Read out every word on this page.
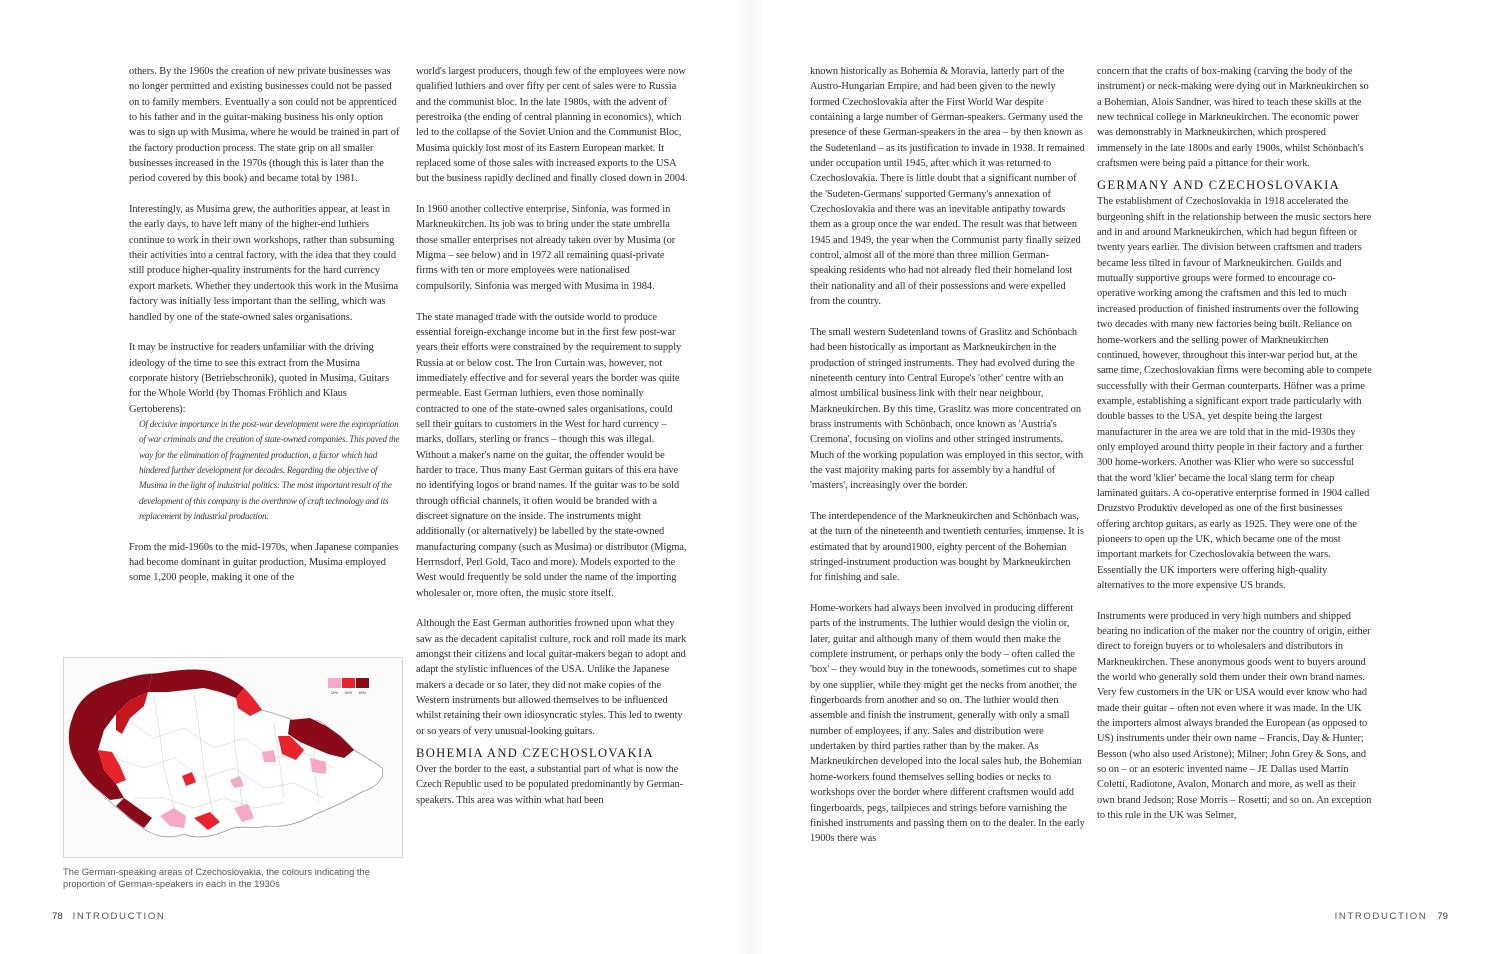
others. By the 1960s the creation of new private businesses was no longer permitted and existing businesses could not be passed on to family members. Eventually a son could not be apprenticed to his father and in the guitar-making business his only option was to sign up with Musima, where he would be trained in part of the factory production process. The state grip on all smaller businesses increased in the 1970s (though this is later than the period covered by this book) and became total by 1981.

Interestingly, as Musima grew, the authorities appear, at least in the early days, to have left many of the higher-end luthiers continue to work in their own workshops, rather than subsuming their activities into a central factory, with the idea that they could still produce higher-quality instruments for the hard currency export markets. Whether they undertook this work in the Musima factory was initially less important than the selling, which was handled by one of the state-owned sales organisations.

It may be instructive for readers unfamiliar with the driving ideology of the time to see this extract from the Musima corporate history (Betriebschronik), quoted in Musima, Guitars for the Whole World (by Thomas Fröhlich and Klaus Gertoberens):

Of decisive importance in the post-war development were the expropriation of war criminals and the creation of state-owned companies. This paved the way for the elimination of fragmented production, a factor which had hindered further development for decades. Regarding the objective of Musima in the light of industrial politics: The most important result of the development of this company is the overthrow of craft technology and its replacement by industrial production.

From the mid-1960s to the mid-1970s, when Japanese companies had become dominant in guitar production, Musima employed some 1,200 people, making it one of the

world's largest producers, though few of the employees were now qualified luthiers and over fifty per cent of sales were to Russia and the communist bloc. In the late 1980s, with the advent of perestroika (the ending of central planning in economics), which led to the collapse of the Soviet Union and the Communist Bloc, Musima quickly lost most of its Eastern European market. It replaced some of those sales with increased exports to the USA but the business rapidly declined and finally closed down in 2004.

In 1960 another collective enterprise, Sinfonia, was formed in Markneukirchen. Its job was to bring under the state umbrella those smaller enterprises not already taken over by Musima (or Migma – see below) and in 1972 all remaining quasi-private firms with ten or more employees were nationalised compulsorily. Sinfonia was merged with Musima in 1984.

The state managed trade with the outside world to produce essential foreign-exchange income but in the first few post-war years their efforts were constrained by the requirement to supply Russia at or below cost. The Iron Curtain was, however, not immediately effective and for several years the border was quite permeable. East German luthiers, even those nominally contracted to one of the state-owned sales organisations, could sell their guitars to customers in the West for hard currency – marks, dollars, sterling or francs – though this was illegal. Without a maker's name on the guitar, the offender would be harder to trace. Thus many East German guitars of this era have no identifying logos or brand names. If the guitar was to be sold through official channels, it often would be branded with a discreet signature on the inside. The instruments might additionally (or alternatively) be labelled by the state-owned manufacturing company (such as Musima) or distributor (Migma, Herrnsdorf, Perl Gold, Taco and more). Models exported to the West would frequently be sold under the name of the importing wholesaler or, more often, the music store itself.

Although the East German authorities frowned upon what they saw as the decadent capitalist culture, rock and roll made its mark amongst their citizens and local guitar-makers began to adopt and adapt the stylistic influences of the USA. Unlike the Japanese makers a decade or so later, they did not make copies of the Western instruments but allowed themselves to be influenced whilst retaining their own idiosyncratic styles. This led to twenty or so years of very unusual-looking guitars.

BOHEMIA AND CZECHOSLOVAKIA

Over the border to the east, a substantial part of what is now the Czech Republic used to be populated predominantly by German-speakers. This area was within what had been

20% 50% 80%
The German-speaking areas of Czechoslovakia, the colours indicating the proportion of German-speakers in each in the 1930s
78 INTRODUCTION

known historically as Bohemia & Moravia, latterly part of the Austro-Hungarian Empire, and had been given to the newly formed Czechoslovakia after the First World War despite containing a large number of German-speakers. Germany used the presence of these German-speakers in the area – by then known as the Sudetenland – as its justification to invade in 1938. It remained under occupation until 1945, after which it was returned to Czechoslovakia. There is little doubt that a significant number of the 'Sudeten-Germans' supported Germany's annexation of Czechoslovakia and there was an inevitable antipathy towards them as a group once the war ended. The result was that between 1945 and 1949, the year when the Communist party finally seized control, almost all of the more than three million German-speaking residents who had not already fled their homeland lost their nationality and all of their possessions and were expelled from the country.

The small western Sudetenland towns of Graslitz and Schönbach had been historically as important as Markneukirchen in the production of stringed instruments. They had evolved during the nineteenth century into Central Europe's 'other' centre with an almost umbilical business link with their near neighbour, Markneukirchen. By this time, Graslitz was more concentrated on brass instruments with Schönbach, once known as 'Austria's Cremona', focusing on violins and other stringed instruments. Much of the working population was employed in this sector, with the vast majority making parts for assembly by a handful of 'masters', increasingly over the border.

The interdependence of the Markneukirchen and Schönbach was, at the turn of the nineteenth and twentieth centuries, immense. It is estimated that by around1900, eighty percent of the Bohemian stringed-instrument production was bought by Markneukirchen for finishing and sale.

Home-workers had always been involved in producing different parts of the instruments. The luthier would design the violin or, later, guitar and although many of them would then make the complete instrument, or perhaps only the body – often called the 'box' – they would buy in the tonewoods, sometimes cut to shape by one supplier, while they might get the necks from another, the fingerboards from another and so on. The luthier would then assemble and finish the instrument, generally with only a small number of employees, if any. Sales and distribution were undertaken by third parties rather than by the maker. As Markneukirchen developed into the local sales hub, the Bohemian home-workers found themselves selling bodies or necks to workshops over the border where different craftsmen would add fingerboards, pegs, tailpieces and strings before varnishing the finished instruments and passing them on to the dealer. In the early 1900s there was

concern that the crafts of box-making (carving the body of the instrument) or neck-making were dying out in Markneukirchen so a Bohemian, Alois Sandner, was hired to teach these skills at the new technical college in Markneukirchen. The economic power was demonstrably in Markneukirchen, which prospered immensely in the late 1800s and early 1900s, whilst Schönbach's craftsmen were being paid a pittance for their work.

GERMANY AND CZECHOSLOVAKIA

The establishment of Czechoslovakia in 1918 accelerated the burgeoning shift in the relationship between the music sectors here and in and around Markneukirchen, which had begun fifteen or twenty years earlier. The division between craftsmen and traders became less tilted in favour of Markneukirchen. Guilds and mutually supportive groups were formed to encourage co-operative working among the craftsmen and this led to much increased production of finished instruments over the following two decades with many new factories being built. Reliance on home-workers and the selling power of Markneukirchen continued, however, throughout this inter-war period but, at the same time, Czechoslovakian firms were becoming able to compete successfully with their German counterparts. Höfner was a prime example, establishing a significant export trade particularly with double basses to the USA, yet despite being the largest manufacturer in the area we are told that in the mid-1930s they only employed around thirty people in their factory and a further 300 home-workers. Another was Klier who were so successful that the word 'klier' became the local slang term for cheap laminated guitars. A co-operative enterprise formed in 1904 called Druzstvo Produktiv developed as one of the first businesses offering archtop guitars, as early as 1925. They were one of the pioneers to open up the UK, which became one of the most important markets for Czechoslovakia between the wars. Essentially the UK importers were offering high-quality alternatives to the more expensive US brands.

Instruments were produced in very high numbers and shipped bearing no indication of the maker nor the country of origin, either direct to foreign buyers or to wholesalers and distributors in Markneukirchen. These anonymous goods went to buyers around the world who generally sold them under their own brand names. Very few customers in the UK or USA would ever know who had made their guitar – often not even where it was made. In the UK the importers almost always branded the European (as opposed to US) instruments under their own name – Francis, Day & Hunter; Besson (who also used Aristone); Milner; John Grey & Sons, and so on – or an esoteric invented name – JE Dallas used Martin Coletti, Radiotone, Avalon, Monarch and more, as well as their own brand Jedson; Rose Morris – Rosetti; and so on. An exception to this rule in the UK was Selmer,

INTRODUCTION 79
